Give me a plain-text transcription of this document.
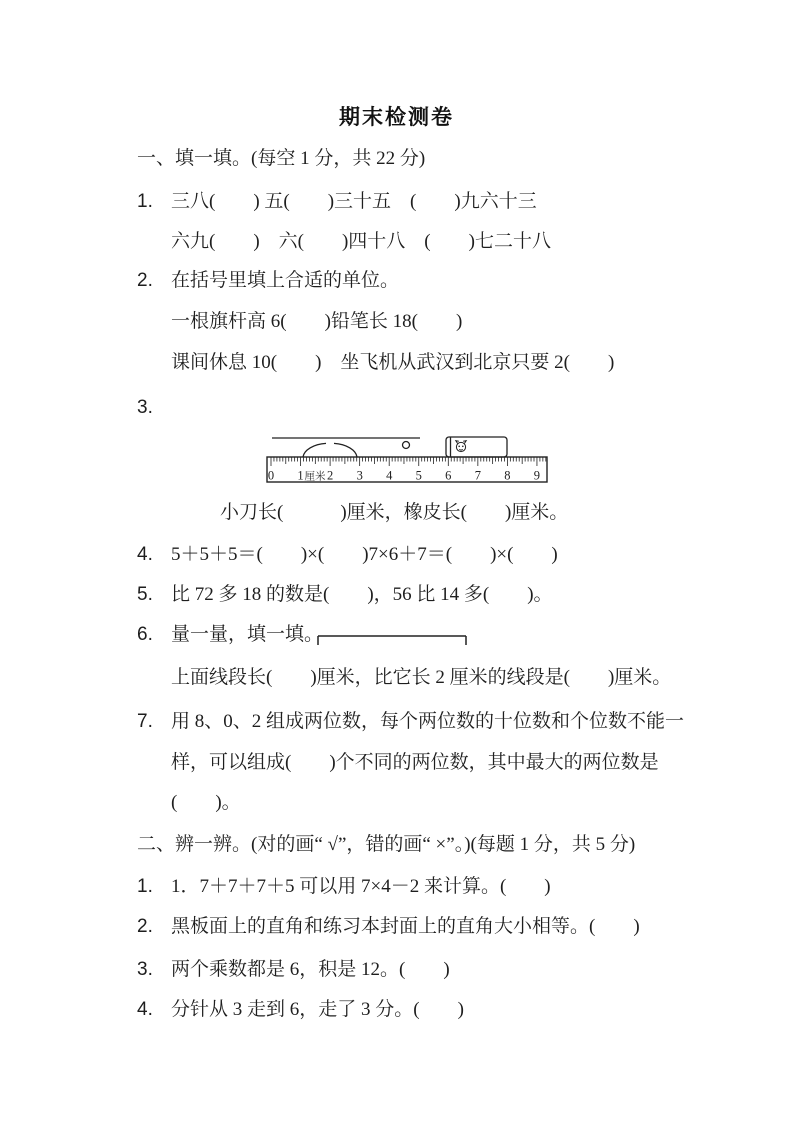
期末检测卷
一、填一填。(每空 1 分，共 22 分)
1. 三八(　　) 五(　　)三十五　(　　)九六十三
六九(　　)　六(　　)四十八　(　　)七二十八
2. 在括号里填上合适的单位。
一根旗杆高 6(　　)铅笔长 18(　　)
课间休息 10(　　)　坐飞机从武汉到北京只要 2(　　)
3.
0 1 2 3 4 5 6 7 8 9
厘米
小刀长(　　　)厘米，橡皮长(　　)厘米。
4. 5＋5＋5＝(　　)×(　　)7×6＋7＝(　　)×(　　)
5. 比 72 多 18 的数是(　　)，56 比 14 多(　　)。
6. 量一量，填一填。
上面线段长(　　)厘米，比它长 2 厘米的线段是(　　)厘米。
7. 用 8、0、2 组成两位数，每个两位数的十位数和个位数不能一
样，可以组成(　　)个不同的两位数，其中最大的两位数是
(　　)。
二、辨一辨。(对的画“ √”，错的画“ ×”。)(每题 1 分，共 5 分)
1. 1．7＋7＋7＋5 可以用 7×4－2 来计算。(　　)
2. 黑板面上的直角和练习本封面上的直角大小相等。(　　)
3. 两个乘数都是 6，积是 12。(　　)
4. 分针从 3 走到 6，走了 3 分。(　　)
